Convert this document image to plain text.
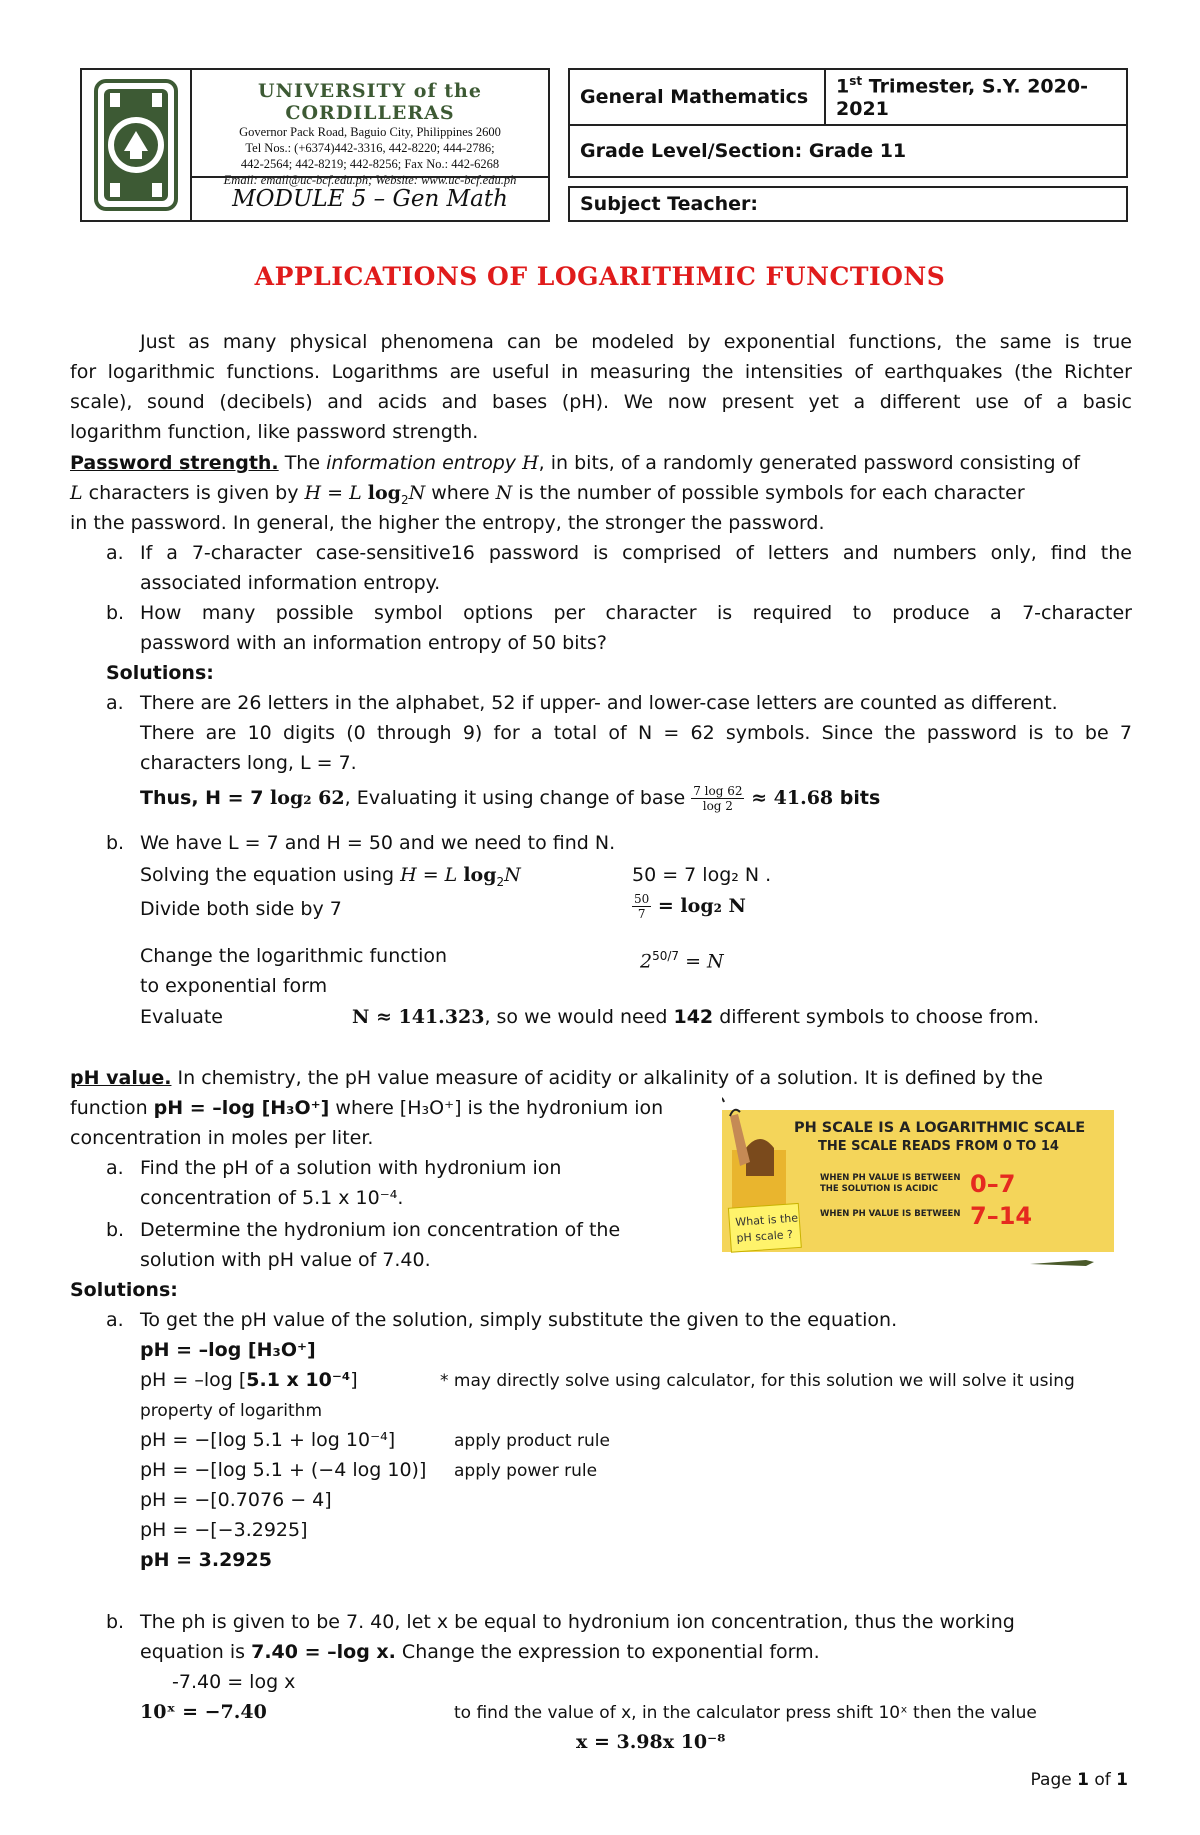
UNIVERSITY of the CORDILLERAS
Governor Pack Road, Baguio City, Philippines 2600
Tel Nos.: (+6374)442-3316, 442-8220; 444-2786;
442-2564; 442-8219; 442-8256; Fax No.: 442-6268
Email: email@uc-bcf.edu.ph; Website: www.uc-bcf.edu.ph
MODULE 5 – Gen Math
General Mathematics 1st Trimester, S.Y. 2020-2021
Grade Level/Section: Grade 11
Subject Teacher:
APPLICATIONS OF LOGARITHMIC FUNCTIONS
Just as many physical phenomena can be modeled by exponential functions, the same is true
for logarithmic functions. Logarithms are useful in measuring the intensities of earthquakes (the Richter
scale), sound (decibels) and acids and bases (pH). We now present yet a different use of a basic
logarithm function, like password strength.
Password strength. The information entropy H, in bits, of a randomly generated password consisting of
L characters is given by H = L $\log_2N$ where N is the number of possible symbols for each character
in the password. In general, the higher the entropy, the stronger the password.
a. If a 7-character case-sensitive16 password is comprised of letters and numbers only, find the
associated information entropy.
b. How many possible symbol options per character is required to produce a 7-character
password with an information entropy of 50 bits?
Solutions:
a. There are 26 letters in the alphabet, 52 if upper- and lower-case letters are counted as different.
There are 10 digits (0 through 9) for a total of N = 62 symbols. Since the password is to be 7
characters long, L = 7.
Thus, H = 7 log₂ 62, Evaluating it using change of base $\frac{7 \log 62}{\log 2} \approx 41.68$ bits
b. We have L = 7 and H = 50 and we need to find N.
Solving the equation using H = L $\log_2N$	50 = 7 log₂ N .
Divide both side by 7	$\frac{50}{7} = \log_2$ N
Change the logarithmic function	$2^{50/7} = N$
to exponential form
Evaluate	N ≈ 141.323, so we would need 142 different symbols to choose from.
pH value. In chemistry, the pH value measure of acidity or alkalinity of a solution. It is defined by the
function pH = –log [H₃O⁺] where [H₃O⁺] is the hydronium ion
concentration in moles per liter.
a. Find the pH of a solution with hydronium ion
concentration of 5.1 x 10⁻⁴.
b. Determine the hydronium ion concentration of the
solution with pH value of 7.40.
Solutions:
a. To get the pH value of the solution, simply substitute the given to the equation.
pH = –log [H₃O⁺]
pH = –log [5.1 x 10⁻⁴]	* may directly solve using calculator, for this solution we will solve it using
property of logarithm
pH = −[log 5.1 + log 10⁻⁴]	apply product rule
pH = −[log 5.1 + (−4 log 10)] apply power rule
pH = −[0.7076 − 4]
pH = −[−3.2925]
pH = 3.2925
b. The ph is given to be 7. 40, let x be equal to hydronium ion concentration, thus the working
equation is 7.40 = –log x. Change the expression to exponential form.
-7.40 = log x
10ˣ = −7.40	to find the value of x, in the calculator press shift 10ˣ then the value
x = 3.98x 10⁻⁸
What is the
pH scale ?
PH SCALE IS A LOGARITHMIC SCALE
THE SCALE READS FROM 0 TO 14
WHEN PH VALUE IS BETWEEN
THE SOLUTION IS ACIDIC 0–7
WHEN PH VALUE IS BETWEEN 7–14
Page 1 of 1
